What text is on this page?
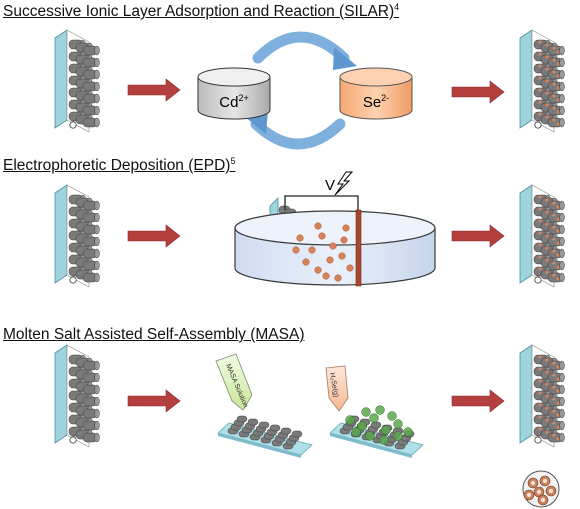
Successive Ionic Layer Adsorption and Reaction (SILAR)$^4$
Electrophoretic Deposition (EPD)$^5$
Molten Salt Assisted Self-Assembly (MASA)
$Cd^{2+}$	$Se^{2-}$
V
MASA Solution	H₂Se(g)
